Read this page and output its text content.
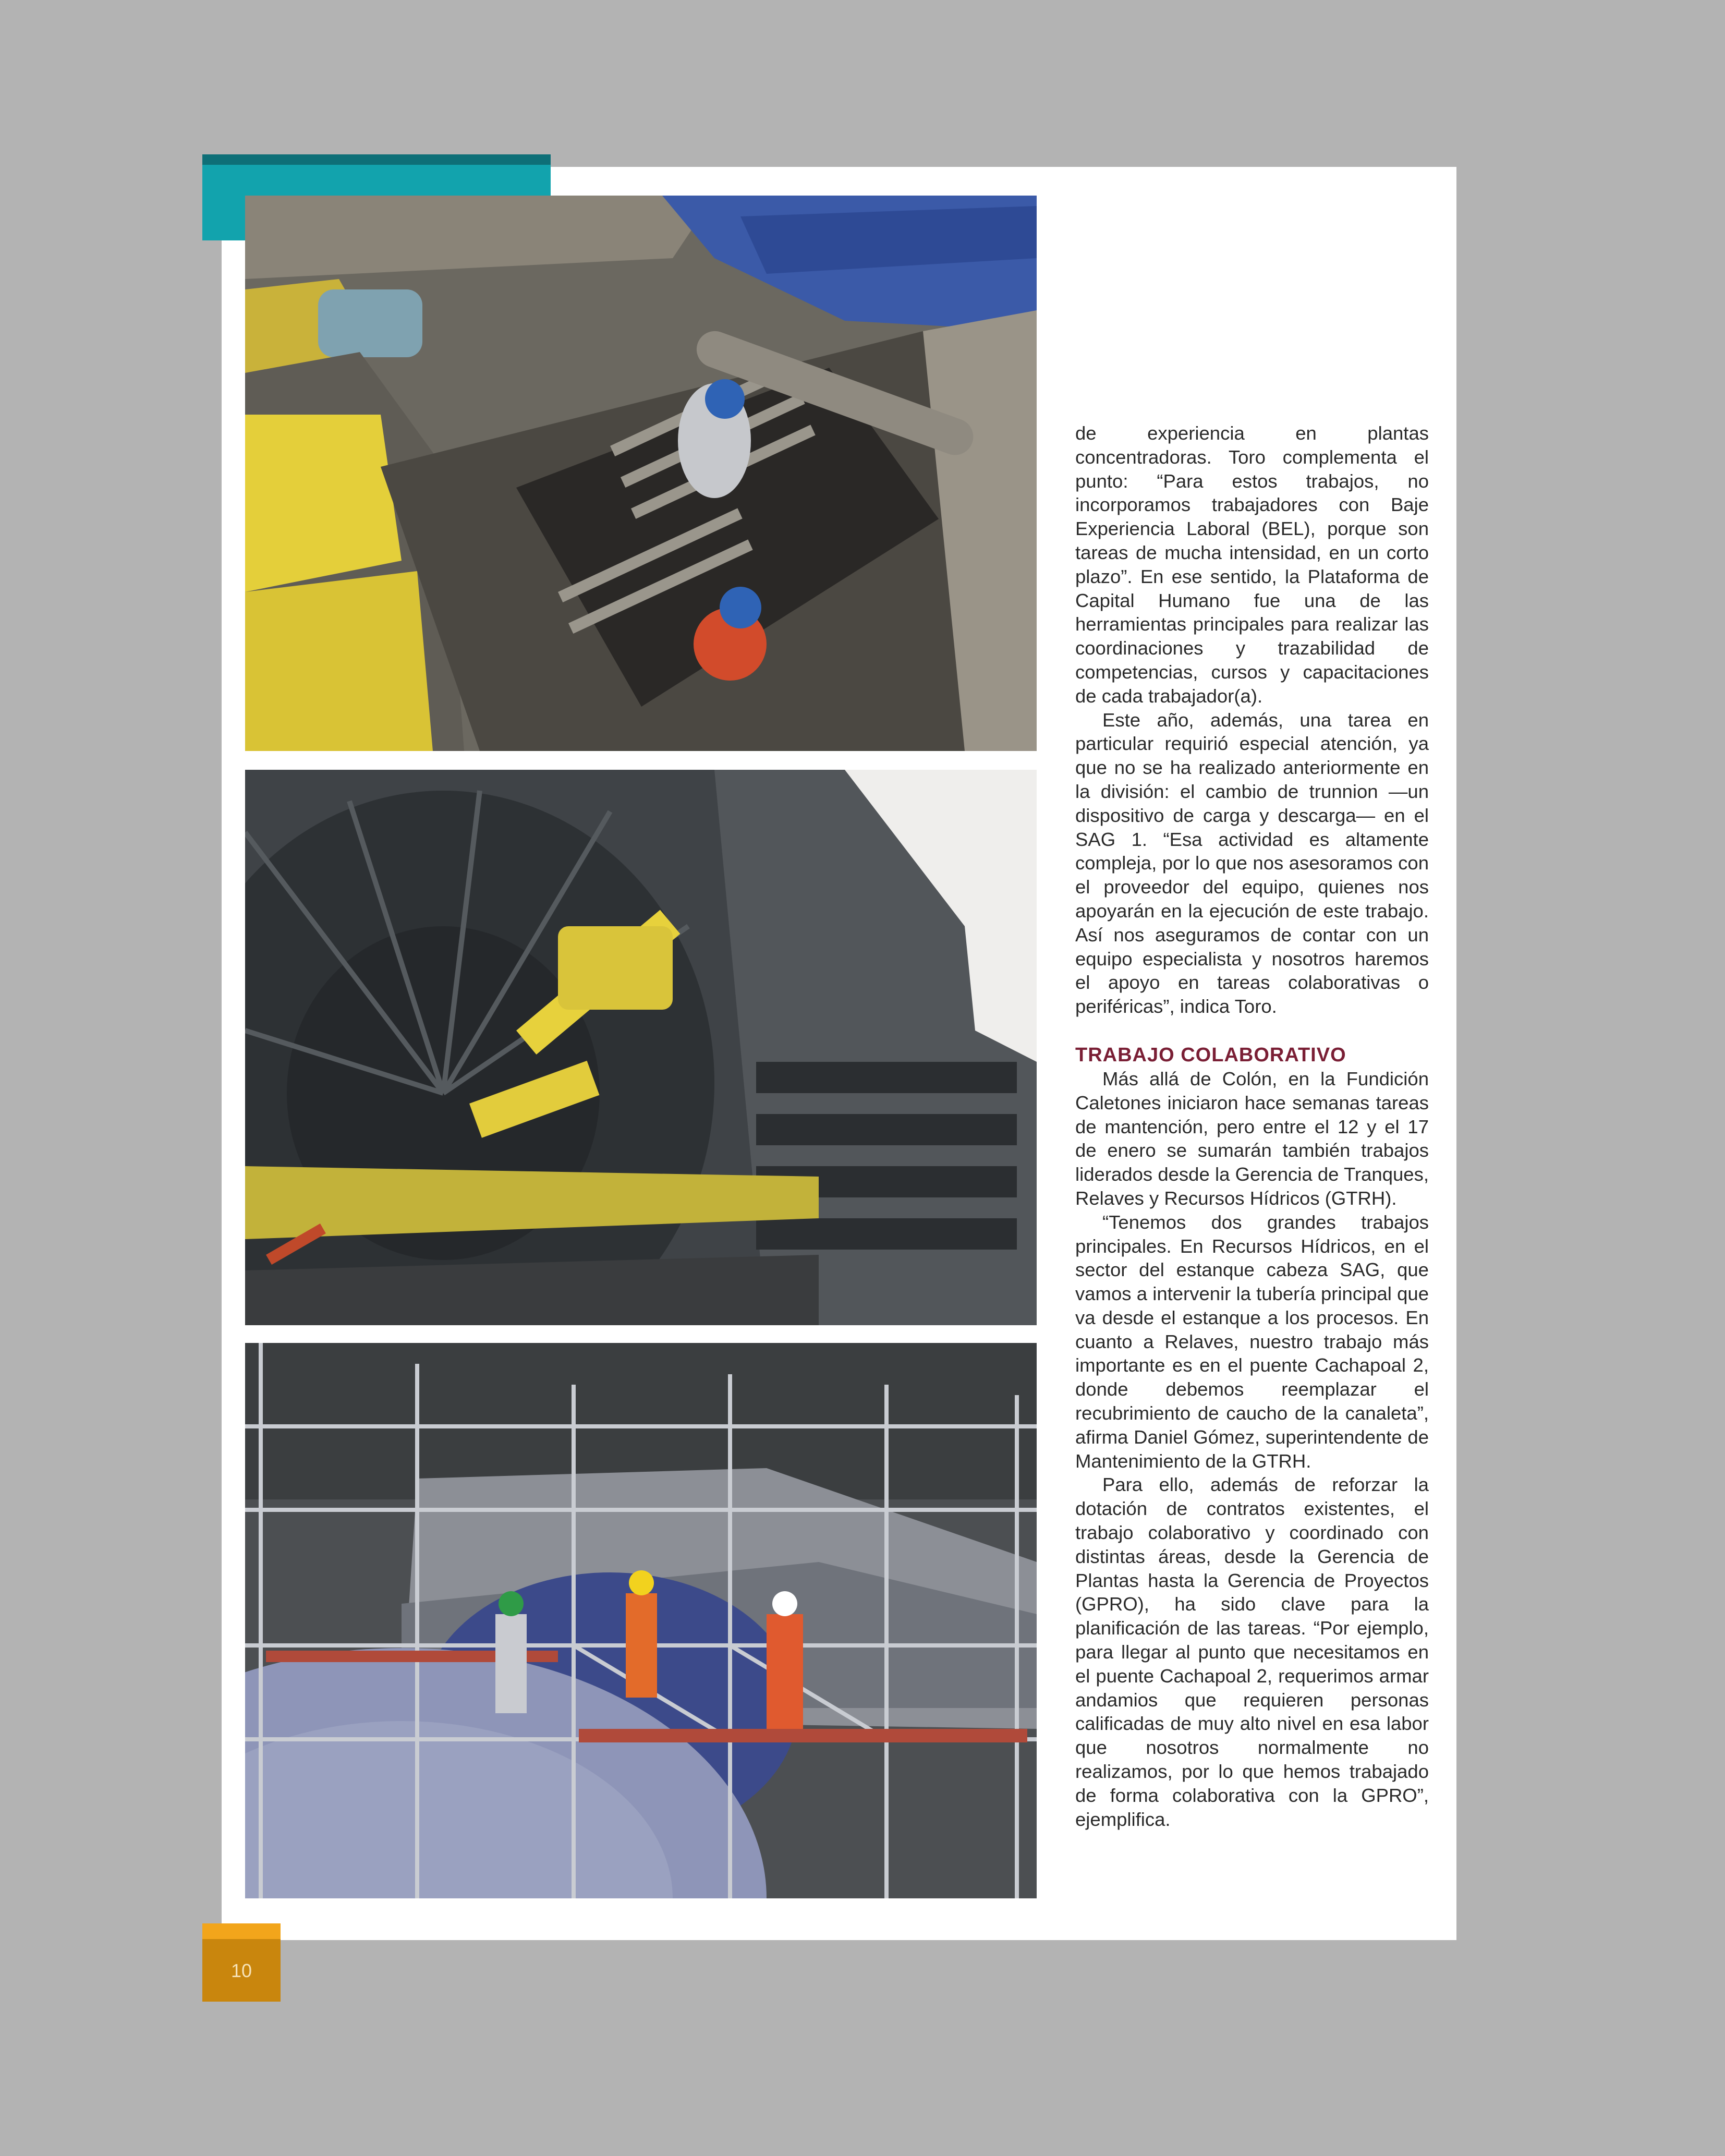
de experiencia en plantas concentradoras. Toro complementa el punto: “Para estos trabajos, no incorporamos trabajadores con Baje Experiencia Laboral (BEL), porque son tareas de mucha intensidad, en un corto plazo”. En ese sentido, la Plataforma de Capital Humano fue una de las herramientas principales para realizar las coordinaciones y trazabilidad de competencias, cursos y capacitaciones de cada trabajador(a).

Este año, además, una tarea en particular requirió especial atención, ya que no se ha realizado anteriormente en la división: el cambio de trunnion —un dispositivo de carga y descarga— en el SAG 1. “Esa actividad es altamente compleja, por lo que nos asesoramos con el proveedor del equipo, quienes nos apoyarán en la ejecución de este trabajo. Así nos aseguramos de contar con un equipo especialista y nosotros haremos el apoyo en tareas colaborativas o periféricas”, indica Toro.

TRABAJO COLABORATIVO

Más allá de Colón, en la Fundición Caletones iniciaron hace semanas tareas de mantención, pero entre el 12 y el 17 de enero se sumarán también trabajos liderados desde la Gerencia de Tranques, Relaves y Recursos Hídricos (GTRH).

“Tenemos dos grandes trabajos principales. En Recursos Hídricos, en el sector del estanque cabeza SAG, que vamos a intervenir la tubería principal que va desde el estanque a los procesos. En cuanto a Relaves, nuestro trabajo más importante es en el puente Cachapoal 2, donde debemos reemplazar el recubrimiento de caucho de la canaleta”, afirma Daniel Gómez, superintendente de Mantenimiento de la GTRH.

Para ello, además de reforzar la dotación de contratos existentes, el trabajo colaborativo y coordinado con distintas áreas, desde la Gerencia de Plantas hasta la Gerencia de Proyectos (GPRO), ha sido clave para la planificación de las tareas. “Por ejemplo, para llegar al punto que necesitamos en el puente Cachapoal 2, requerimos armar andamios que requieren personas calificadas de muy alto nivel en esa labor que nosotros normalmente no realizamos, por lo que hemos trabajado de forma colaborativa con la GPRO”, ejemplifica.

10
